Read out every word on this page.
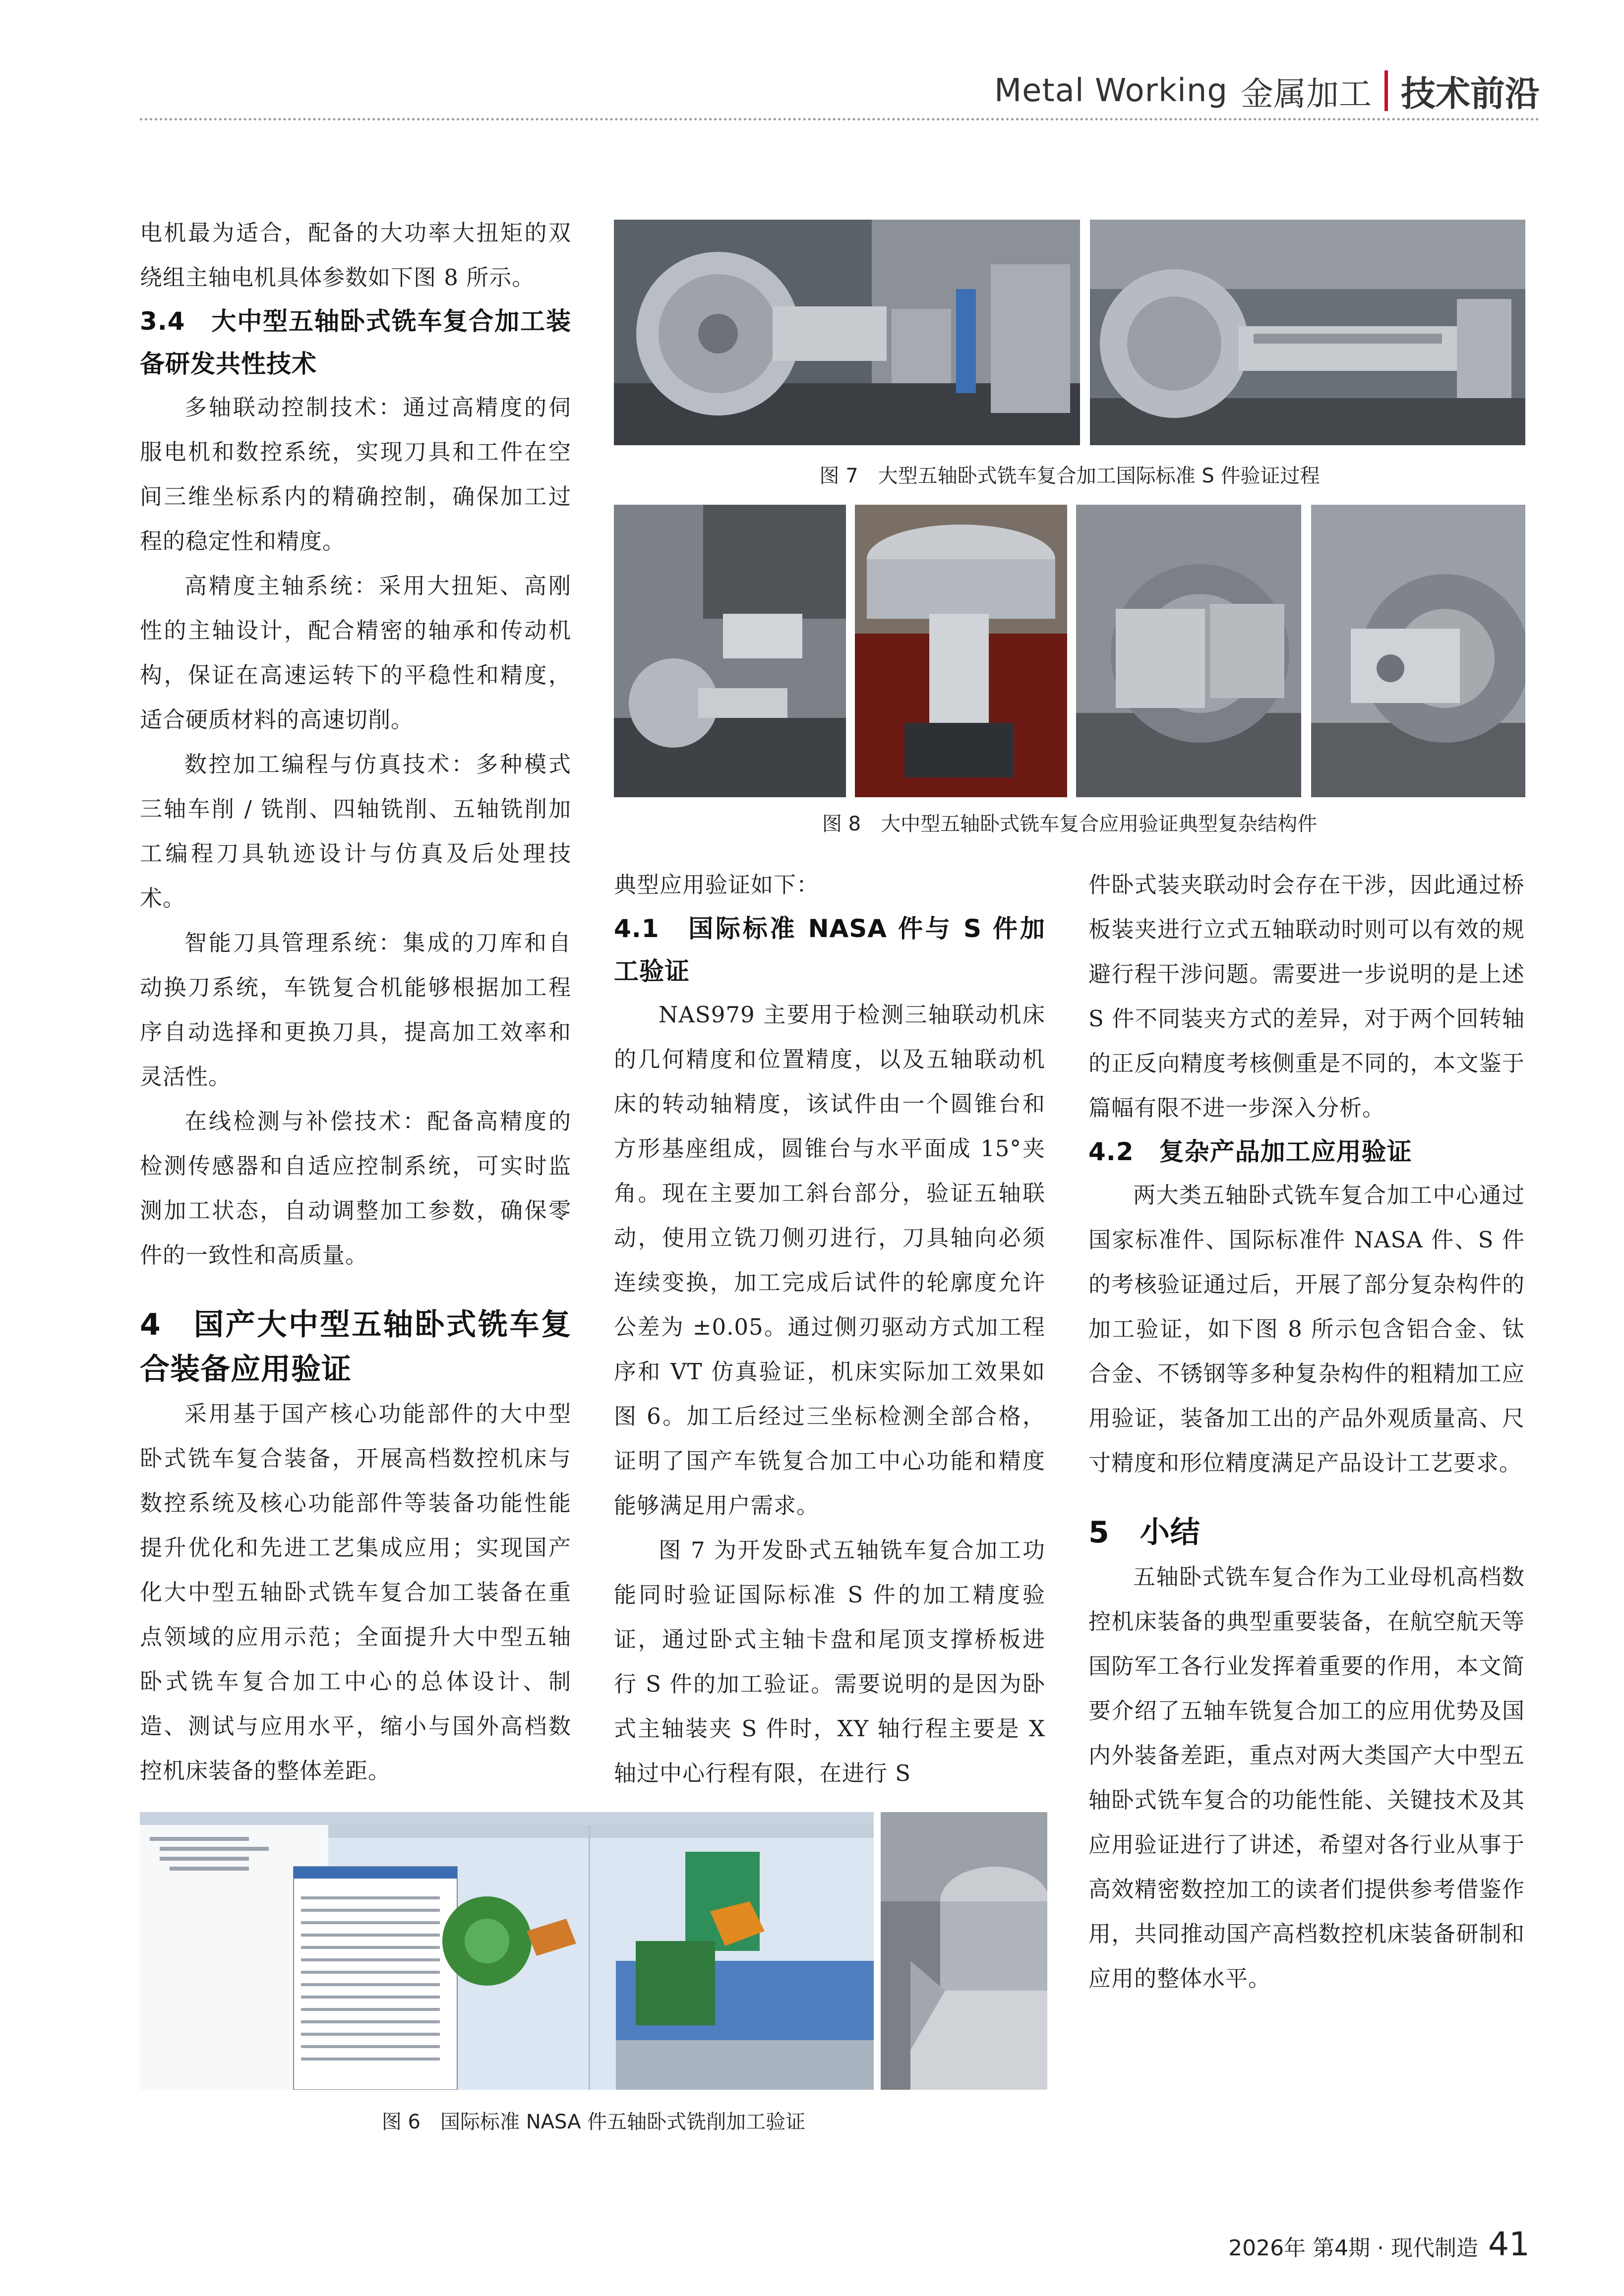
Metal Working 金属加工 技术前沿

电机最为适合，配备的大功率大扭矩的双绕组主轴电机具体参数如下图 8 所示。

3.4　大中型五轴卧式铣车复合加工装备研发共性技术

多轴联动控制技术：通过高精度的伺服电机和数控系统，实现刀具和工件在空间三维坐标系内的精确控制，确保加工过程的稳定性和精度。

高精度主轴系统：采用大扭矩、高刚性的主轴设计，配合精密的轴承和传动机构，保证在高速运转下的平稳性和精度，适合硬质材料的高速切削。

数控加工编程与仿真技术：多种模式三轴车削 / 铣削、四轴铣削、五轴铣削加工编程刀具轨迹设计与仿真及后处理技术。

智能刀具管理系统：集成的刀库和自动换刀系统，车铣复合机能够根据加工程序自动选择和更换刀具，提高加工效率和灵活性。

在线检测与补偿技术：配备高精度的检测传感器和自适应控制系统，可实时监测加工状态，自动调整加工参数，确保零件的一致性和高质量。

4　国产大中型五轴卧式铣车复合装备应用验证

采用基于国产核心功能部件的大中型卧式铣车复合装备，开展高档数控机床与数控系统及核心功能部件等装备功能性能提升优化和先进工艺集成应用；实现国产化大中型五轴卧式铣车复合加工装备在重点领域的应用示范；全面提升大中型五轴卧式铣车复合加工中心的总体设计、制造、测试与应用水平，缩小与国外高档数控机床装备的整体差距。

典型应用验证如下：

4.1　国际标准 NASA 件与 S 件加工验证

NAS979 主要用于检测三轴联动机床的几何精度和位置精度，以及五轴联动机床的转动轴精度，该试件由一个圆锥台和方形基座组成，圆锥台与水平面成 15°夹角。现在主要加工斜台部分，验证五轴联动，使用立铣刀侧刃进行，刀具轴向必须连续变换，加工完成后试件的轮廓度允许公差为 ±0.05。通过侧刃驱动方式加工程序和 VT 仿真验证，机床实际加工效果如图 6。加工后经过三坐标检测全部合格，证明了国产车铣复合加工中心功能和精度能够满足用户需求。

图 7 为开发卧式五轴铣车复合加工功能同时验证国际标准 S 件的加工精度验证，通过卧式主轴卡盘和尾顶支撑桥板进行 S 件的加工验证。需要说明的是因为卧式主轴装夹 S 件时，XY 轴行程主要是 X 轴过中心行程有限，在进行 S

件卧式装夹联动时会存在干涉，因此通过桥板装夹进行立式五轴联动时则可以有效的规避行程干涉问题。需要进一步说明的是上述 S 件不同装夹方式的差异，对于两个回转轴的正反向精度考核侧重是不同的，本文鉴于篇幅有限不进一步深入分析。

4.2　复杂产品加工应用验证

两大类五轴卧式铣车复合加工中心通过国家标准件、国际标准件 NASA 件、S 件的考核验证通过后，开展了部分复杂构件的加工验证，如下图 8 所示包含铝合金、钛合金、不锈钢等多种复杂构件的粗精加工应用验证，装备加工出的产品外观质量高、尺寸精度和形位精度满足产品设计工艺要求。

5　小结

五轴卧式铣车复合作为工业母机高档数控机床装备的典型重要装备，在航空航天等国防军工各行业发挥着重要的作用，本文简要介绍了五轴车铣复合加工的应用优势及国内外装备差距，重点对两大类国产大中型五轴卧式铣车复合的功能性能、关键技术及其应用验证进行了讲述，希望对各行业从事于高效精密数控加工的读者们提供参考借鉴作用，共同推动国产高档数控机床装备研制和应用的整体水平。

图 7　大型五轴卧式铣车复合加工国际标准 S 件验证过程
图 8　大中型五轴卧式铣车复合应用验证典型复杂结构件
图 6　国际标准 NASA 件五轴卧式铣削加工验证
2026年 第4期 · 现代制造 41
